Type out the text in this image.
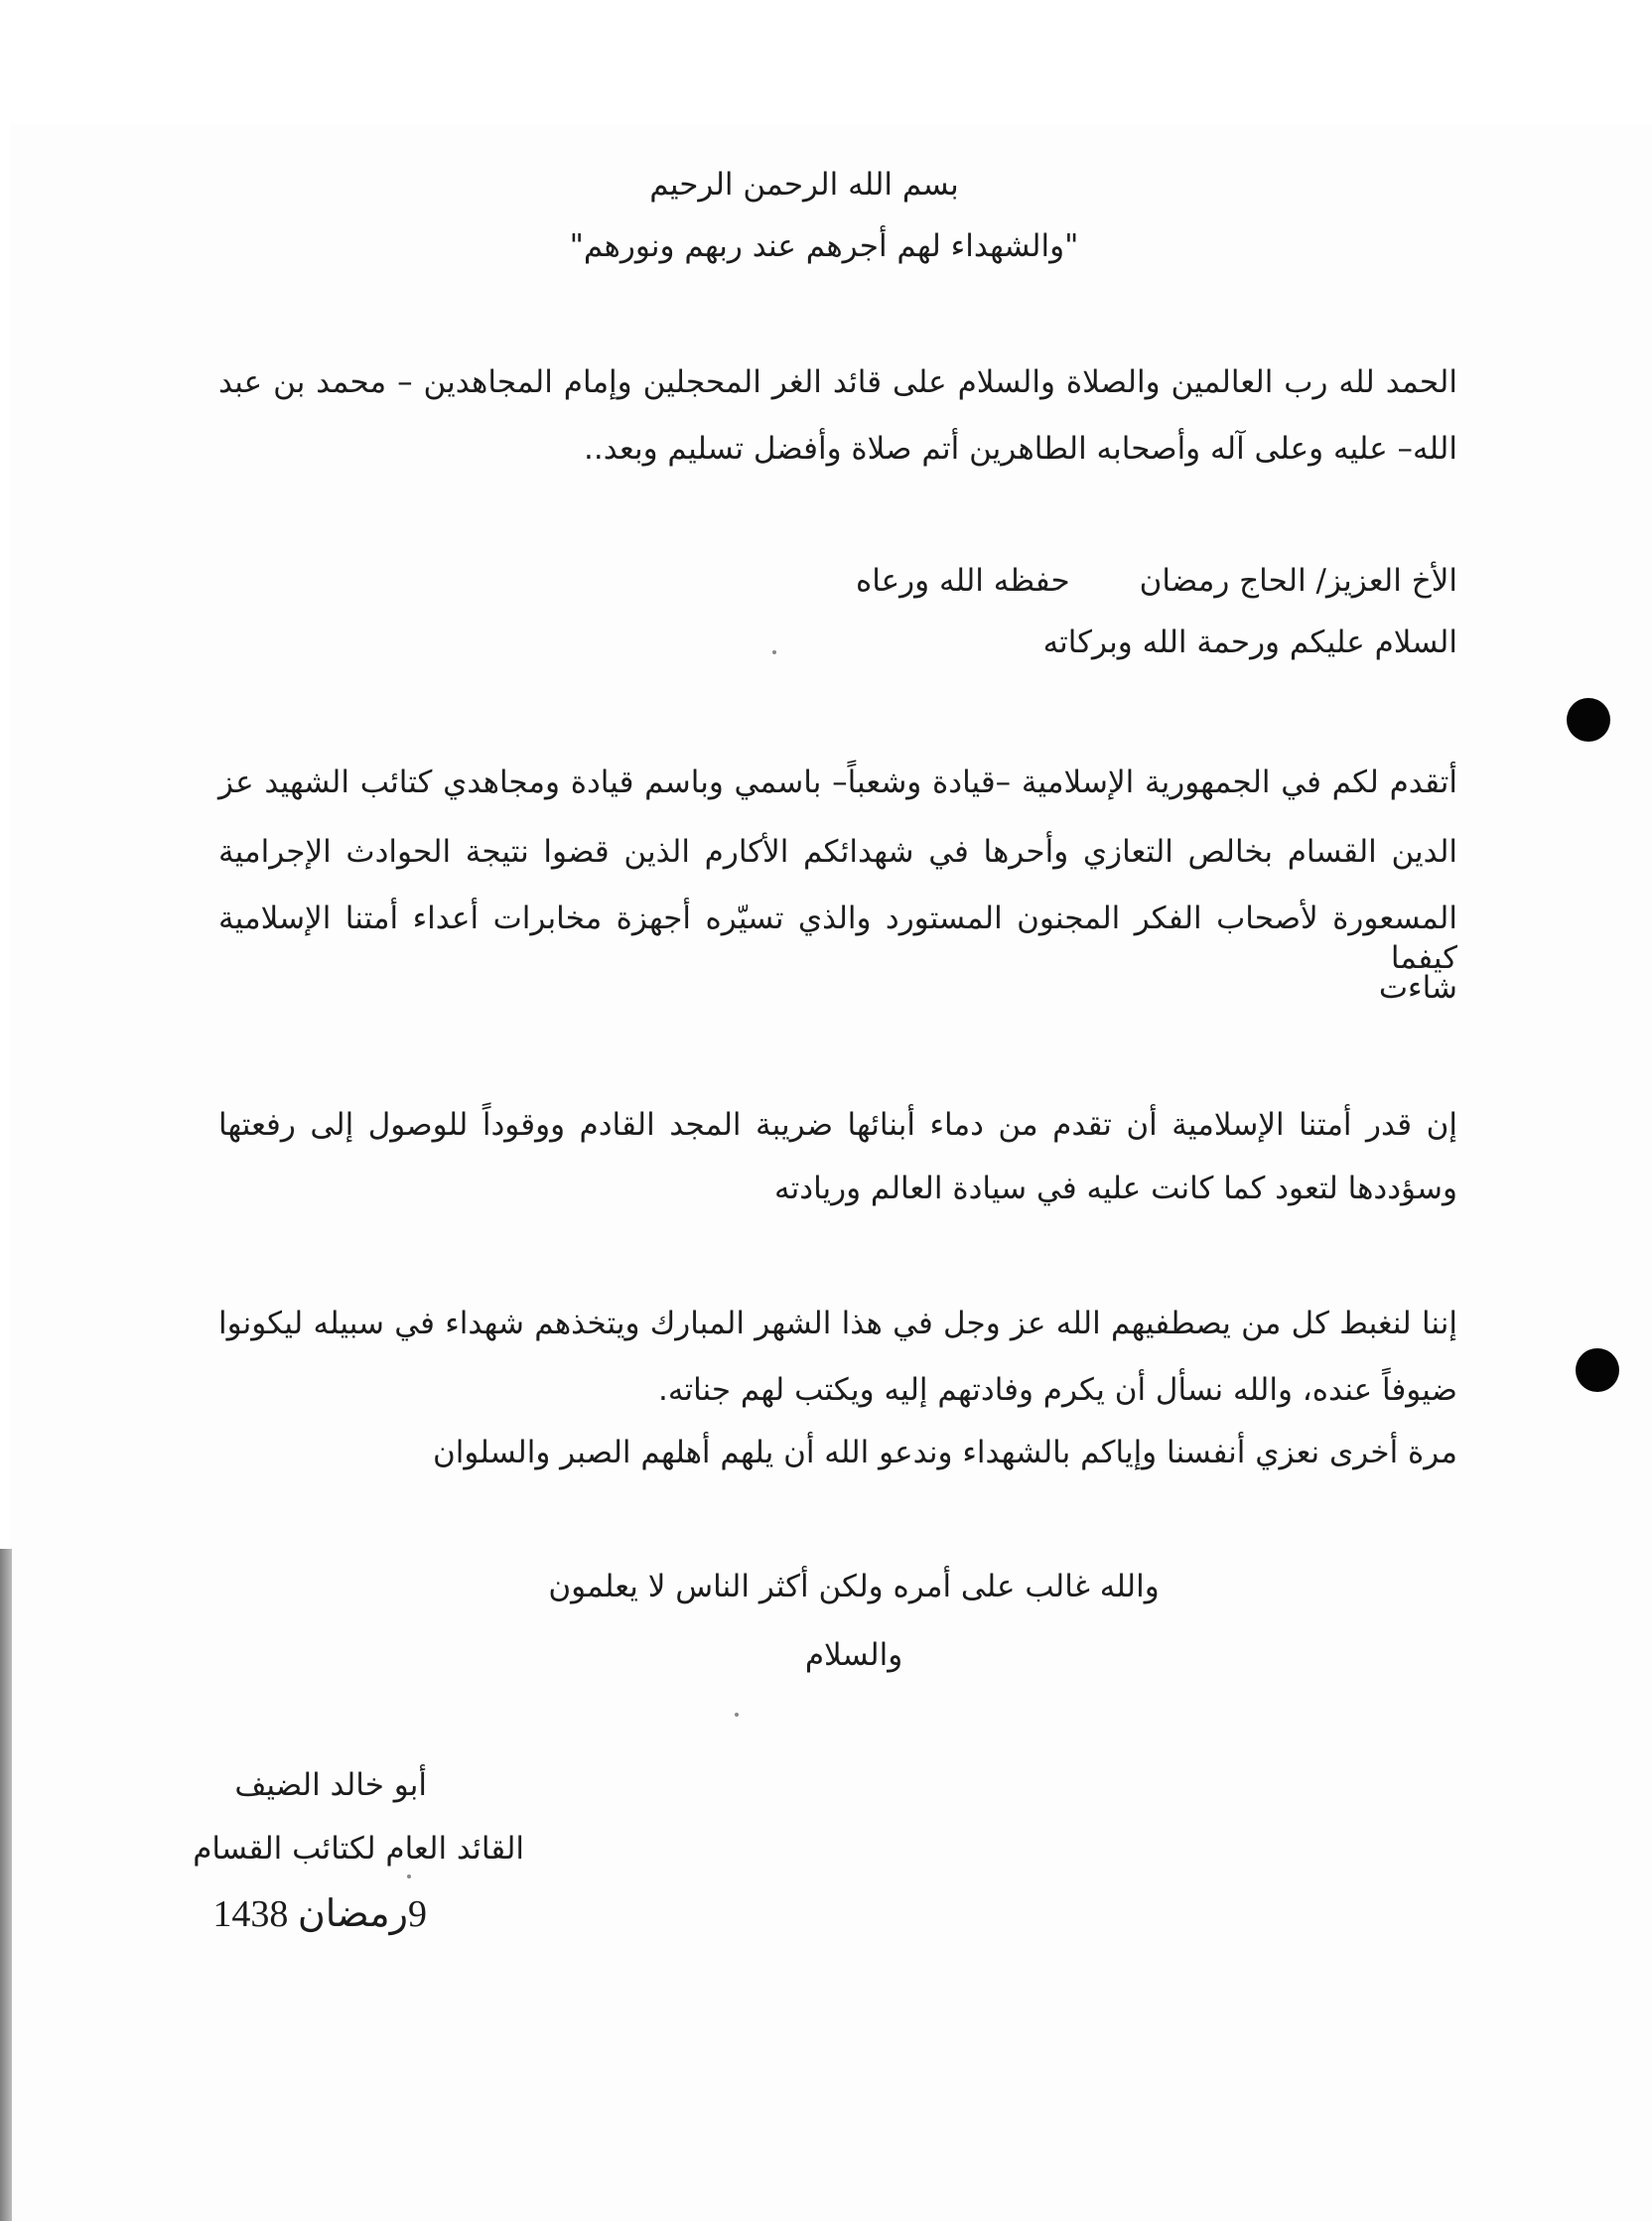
بسم الله الرحمن الرحيم
"والشهداء لهم أجرهم عند ربهم ونورهم"
الحمد لله رب العالمين والصلاة والسلام على قائد الغر المحجلين وإمام المجاهدين – محمد بن عبد
الله– عليه وعلى آله وأصحابه الطاهرين أتم صلاة وأفضل تسليم وبعد..
الأخ العزيز/ الحاج رمضانحفظه الله ورعاه
السلام عليكم ورحمة الله وبركاته
أتقدم لكم في الجمهورية الإسلامية –قيادة وشعباً– باسمي وباسم قيادة ومجاهدي كتائب الشهيد عز
الدين القسام بخالص التعازي وأحرها في شهدائكم الأكارم الذين قضوا نتيجة الحوادث الإجرامية
المسعورة لأصحاب الفكر المجنون المستورد والذي تسيّره أجهزة مخابرات أعداء أمتنا الإسلامية كيفما
شاءت
إن قدر أمتنا الإسلامية أن تقدم من دماء أبنائها ضريبة المجد القادم ووقوداً للوصول إلى رفعتها
وسؤددها لتعود كما كانت عليه في سيادة العالم وريادته
إننا لنغبط كل من يصطفيهم الله عز وجل في هذا الشهر المبارك ويتخذهم شهداء في سبيله ليكونوا
ضيوفاً عنده، والله نسأل أن يكرم وفادتهم إليه ويكتب لهم جناته.
مرة أخرى نعزي أنفسنا وإياكم بالشهداء وندعو الله أن يلهم أهلهم الصبر والسلوان
والله غالب على أمره ولكن أكثر الناس لا يعلمون
والسلام
أبو خالد الضيف
القائد العام لكتائب القسام
9رمضان 1438
